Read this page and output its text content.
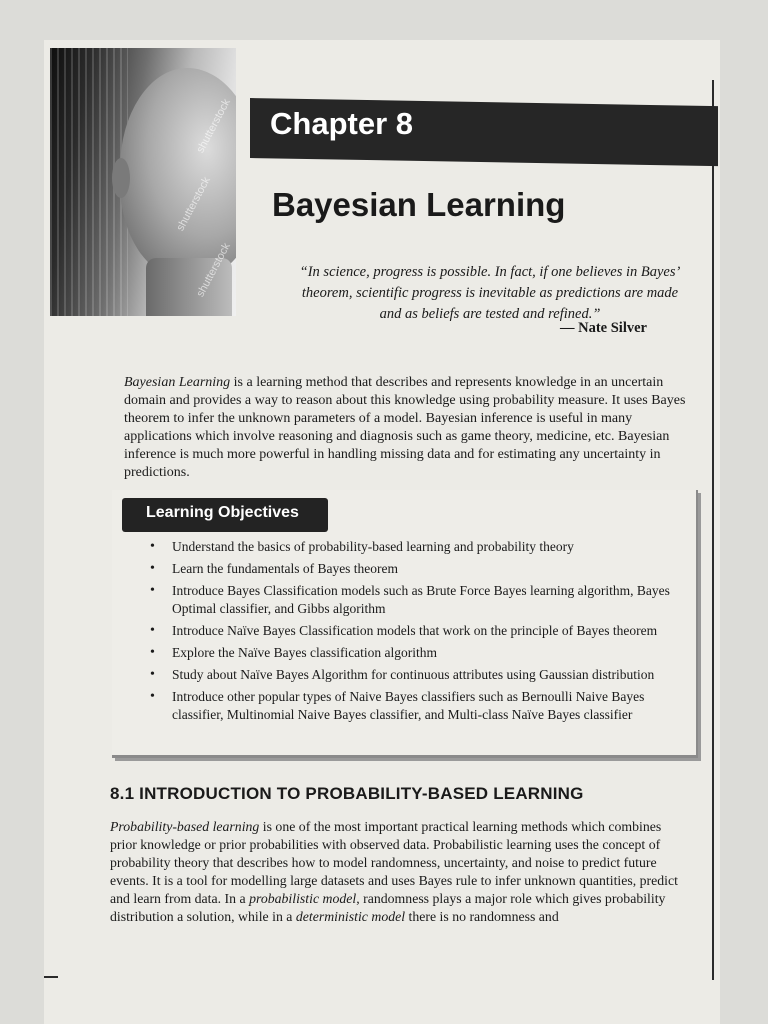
shutterstock
shutterstock
shutterstock
Chapter 8
Bayesian Learning

“In science, progress is possible. In fact, if one believes in Bayes’ theorem, scientific progress is inevitable as predictions are made and as beliefs are tested and refined.”

— Nate Silver

Bayesian Learning is a learning method that describes and represents knowledge in an uncertain domain and provides a way to reason about this knowledge using probability measure. It uses Bayes theorem to infer the unknown parameters of a model. Bayesian inference is useful in many applications which involve reasoning and diagnosis such as game theory, medicine, etc. Bayesian inference is much more powerful in handling missing data and for estimating any uncertainty in predictions.

Learning Objectives
• Understand the basics of probability-based learning and probability theory
• Learn the fundamentals of Bayes theorem
• Introduce Bayes Classification models such as Brute Force Bayes learning algorithm, Bayes Optimal classifier, and Gibbs algorithm
• Introduce Naïve Bayes Classification models that work on the principle of Bayes theorem
• Explore the Naïve Bayes classification algorithm
• Study about Naïve Bayes Algorithm for continuous attributes using Gaussian distribution
• Introduce other popular types of Naive Bayes classifiers such as Bernoulli Naive Bayes classifier, Multinomial Naive Bayes classifier, and Multi-class Naïve Bayes classifier
8.1 INTRODUCTION TO PROBABILITY-BASED LEARNING

Probability-based learning is one of the most important practical learning methods which combines prior knowledge or prior probabilities with observed data. Probabilistic learning uses the concept of probability theory that describes how to model randomness, uncertainty, and noise to predict future events. It is a tool for modelling large datasets and uses Bayes rule to infer unknown quantities, predict and learn from data. In a probabilistic model, randomness plays a major role which gives probability distribution a solution, while in a deterministic model there is no randomness and
